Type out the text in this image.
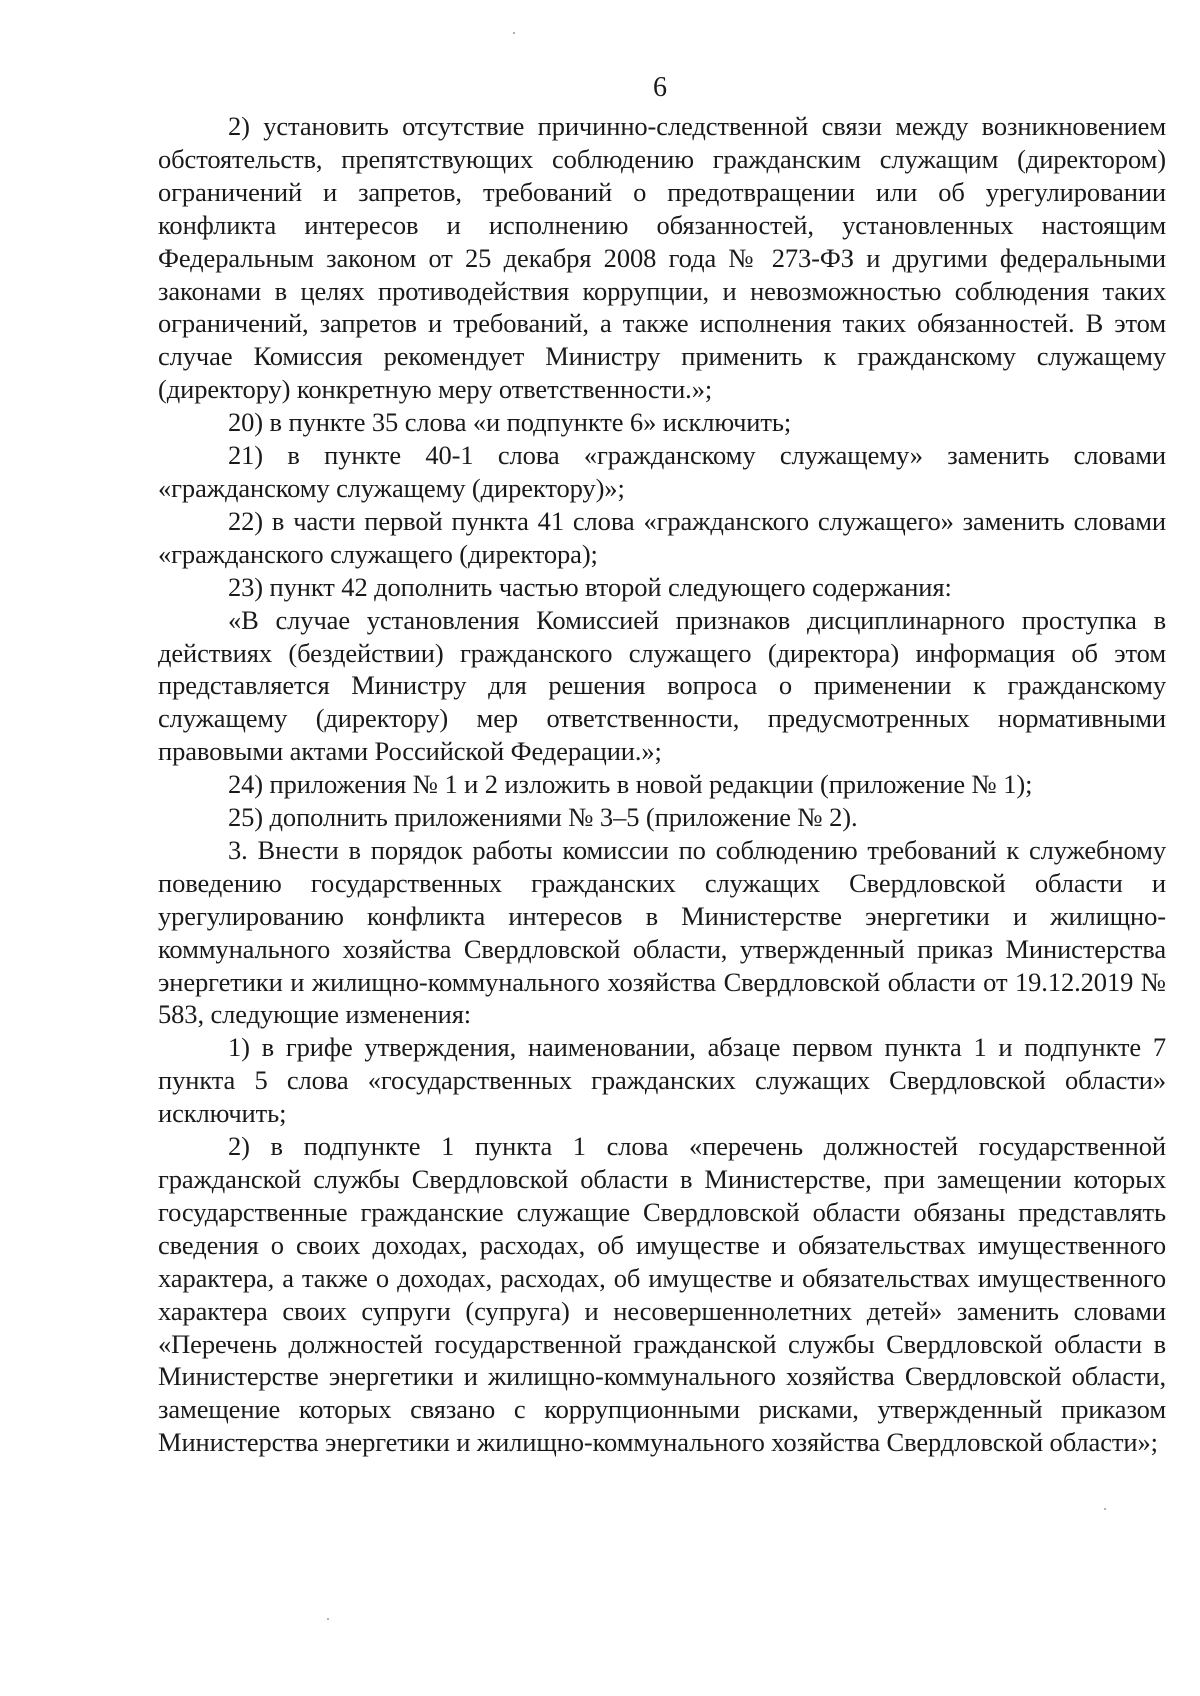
6

2) установить отсутствие причинно-следственной связи между возникновением обстоятельств, препятствующих соблюдению гражданским служащим (директором) ограничений и запретов, требований о предотвращении или об урегулировании конфликта интересов и исполнению обязанностей, установленных настоящим Федеральным законом от 25 декабря 2008 года № 273-ФЗ и другими федеральными законами в целях противодействия коррупции, и невозможностью соблюдения таких ограничений, запретов и требований, а также исполнения таких обязанностей. В этом случае Комиссия рекомендует Министру применить к гражданскому служащему (директору) конкретную меру ответственности.»;

20) в пункте 35 слова «и подпункте 6» исключить;

21) в пункте 40-1 слова «гражданскому служащему» заменить словами «гражданскому служащему (директору)»;

22) в части первой пункта 41 слова «гражданского служащего» заменить словами «гражданского служащего (директора);

23) пункт 42 дополнить частью второй следующего содержания:

«В случае установления Комиссией признаков дисциплинарного проступка в действиях (бездействии) гражданского служащего (директора) информация об этом представляется Министру для решения вопроса о применении к гражданскому служащему (директору) мер ответственности, предусмотренных нормативными правовыми актами Российской Федерации.»;

24) приложения № 1 и 2 изложить в новой редакции (приложение № 1);

25) дополнить приложениями № 3–5 (приложение № 2).

3. Внести в порядок работы комиссии по соблюдению требований к служебному поведению государственных гражданских служащих Свердловской области и урегулированию конфликта интересов в Министерстве энергетики и жилищно-коммунального хозяйства Свердловской области, утвержденный приказ Министерства энергетики и жилищно-коммунального хозяйства Свердловской области от 19.12.2019 № 583, следующие изменения:

1) в грифе утверждения, наименовании, абзаце первом пункта 1 и подпункте 7 пункта 5 слова «государственных гражданских служащих Свердловской области» исключить;

2) в подпункте 1 пункта 1 слова «перечень должностей государственной гражданской службы Свердловской области в Министерстве, при замещении которых государственные гражданские служащие Свердловской области обязаны представлять сведения о своих доходах, расходах, об имуществе и обязательствах имущественного характера, а также о доходах, расходах, об имуществе и обязательствах имущественного характера своих супруги (супруга) и несовершеннолетних детей» заменить словами «Перечень должностей государственной гражданской службы Свердловской области в Министерстве энергетики и жилищно-коммунального хозяйства Свердловской области, замещение которых связано с коррупционными рисками, утвержденный приказом Министерства энергетики и жилищно-коммунального хозяйства Свердловской области»;
